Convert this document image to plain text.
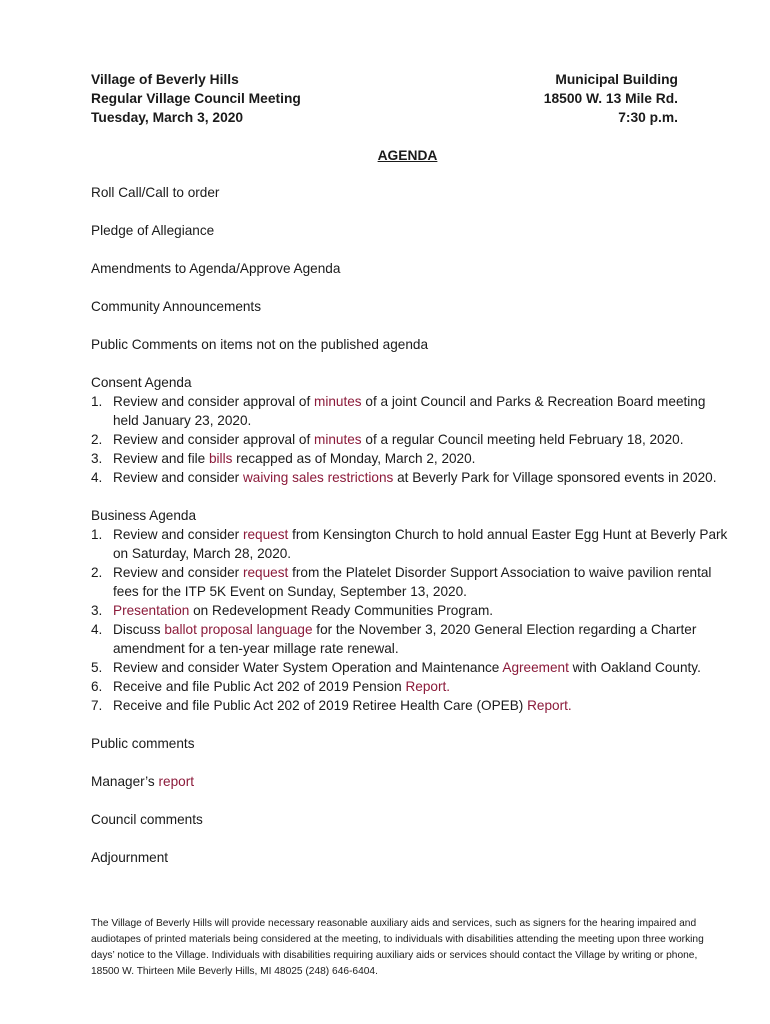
Village of Beverly Hills
Regular Village Council Meeting
Tuesday, March 3, 2020
Municipal Building
18500 W. 13 Mile Rd.
7:30 p.m.
AGENDA

Roll Call/Call to order

Pledge of Allegiance

Amendments to Agenda/Approve Agenda

Community Announcements

Public Comments on items not on the published agenda

Consent Agenda
1. Review and consider approval of minutes of a joint Council and Parks & Recreation Board meeting held January 23, 2020.
2. Review and consider approval of minutes of a regular Council meeting held February 18, 2020.
3. Review and file bills recapped as of Monday, March 2, 2020.
4. Review and consider waiving sales restrictions at Beverly Park for Village sponsored events in 2020.
Business Agenda
1. Review and consider request from Kensington Church to hold annual Easter Egg Hunt at Beverly Park on Saturday, March 28, 2020.
2. Review and consider request from the Platelet Disorder Support Association to waive pavilion rental fees for the ITP 5K Event on Sunday, September 13, 2020.
3. Presentation on Redevelopment Ready Communities Program.
4. Discuss ballot proposal language for the November 3, 2020 General Election regarding a Charter amendment for a ten-year millage rate renewal.
5. Review and consider Water System Operation and Maintenance Agreement with Oakland County.
6. Receive and file Public Act 202 of 2019 Pension Report.
7. Receive and file Public Act 202 of 2019 Retiree Health Care (OPEB) Report.

Public comments

Manager’s report

Council comments

Adjournment

The Village of Beverly Hills will provide necessary reasonable auxiliary aids and services, such as signers for the hearing impaired and audiotapes of printed materials being considered at the meeting, to individuals with disabilities attending the meeting upon three working days’ notice to the Village. Individuals with disabilities requiring auxiliary aids or services should contact the Village by writing or phone, 18500 W. Thirteen Mile Beverly Hills, MI 48025 (248) 646-6404.
